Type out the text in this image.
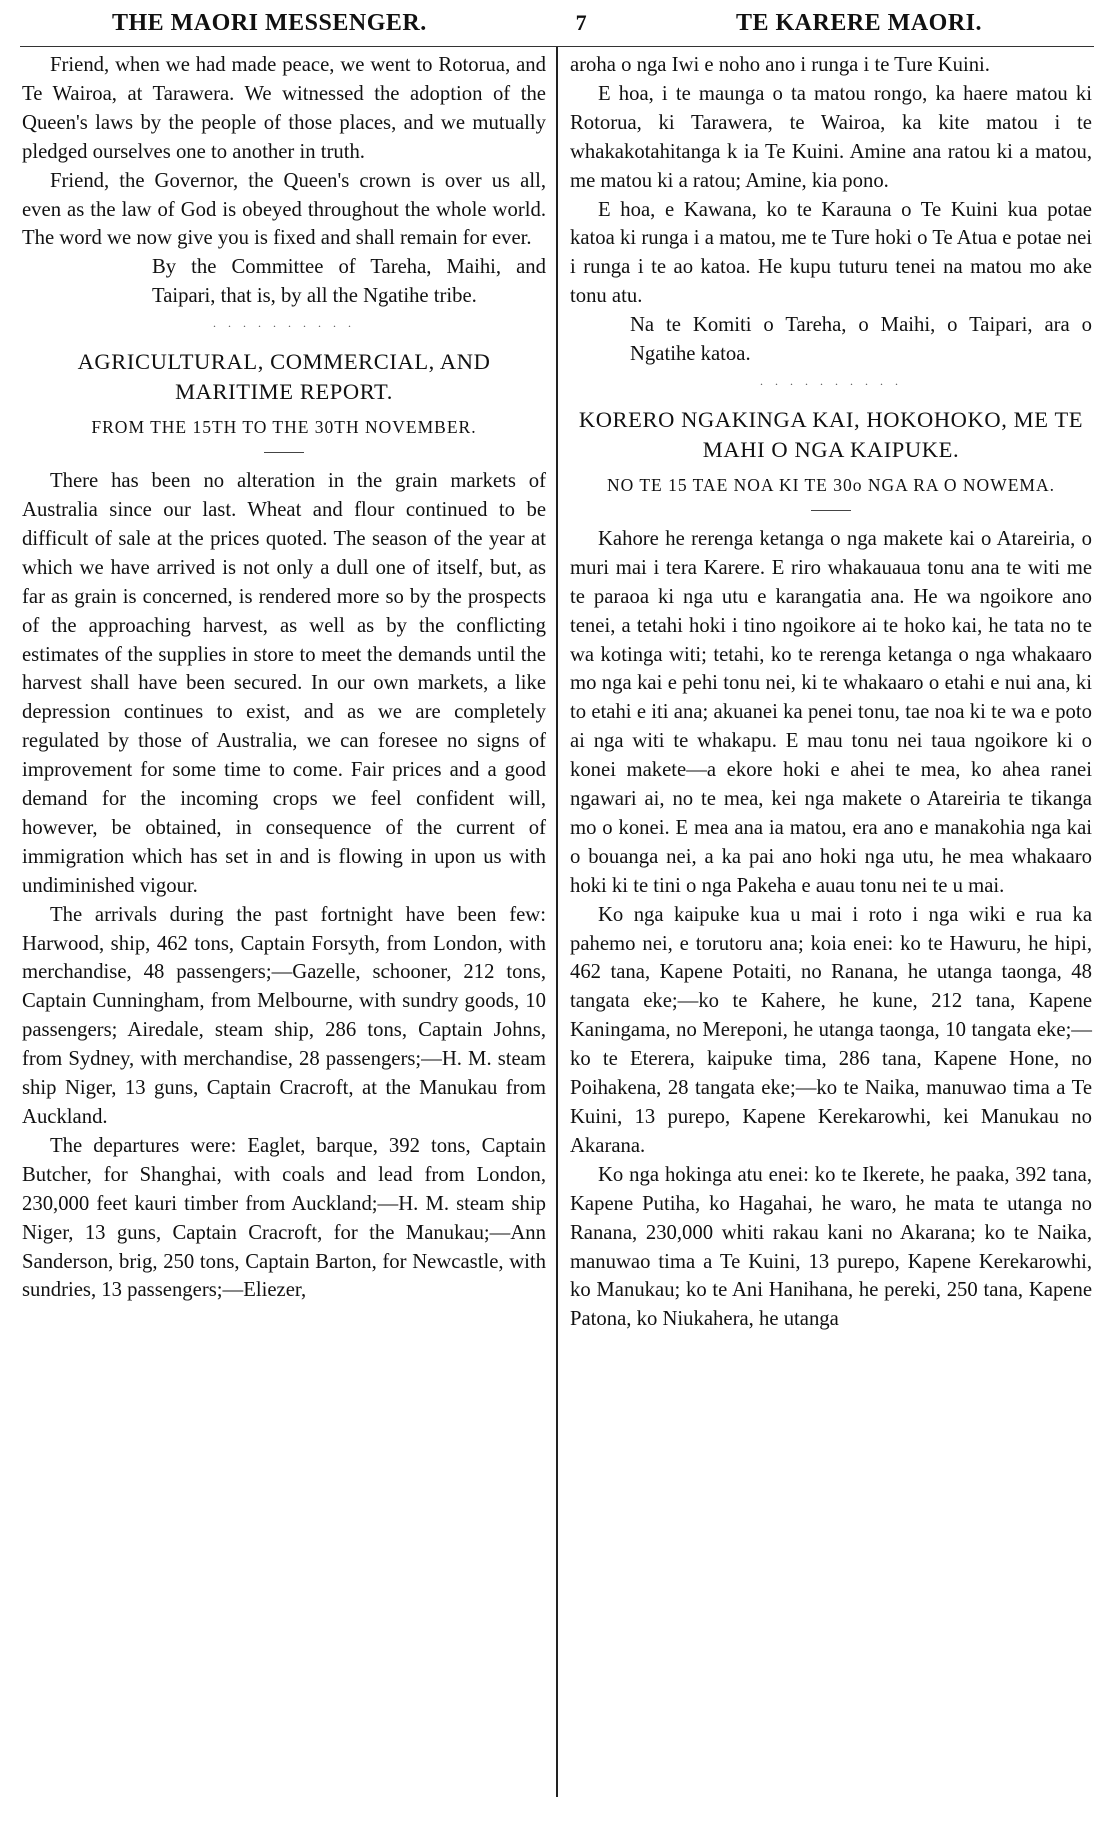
THE MAORI MESSENGER.	7	TE KARERE MAORI.

Friend, when we had made peace, we went to Rotorua, and Te Wairoa, at Tarawera. We witnessed the adoption of the Queen's laws by the people of those places, and we mutually pledged ourselves one to another in truth.

Friend, the Governor, the Queen's crown is over us all, even as the law of God is obeyed throughout the whole world. The word we now give you is fixed and shall remain for ever.

By the Committee of Tareha, Maihi, and Taipari, that is, by all the Ngatihe tribe.

· · · · · · · · · ·
AGRICULTURAL, COMMERCIAL, AND MARITIME REPORT.
FROM THE 15TH TO THE 30TH NOVEMBER.

There has been no alteration in the grain markets of Australia since our last. Wheat and flour continued to be difficult of sale at the prices quoted. The season of the year at which we have arrived is not only a dull one of itself, but, as far as grain is concerned, is rendered more so by the prospects of the approaching harvest, as well as by the conflicting estimates of the supplies in store to meet the demands until the harvest shall have been secured. In our own markets, a like depression continues to exist, and as we are completely regulated by those of Australia, we can foresee no signs of improvement for some time to come. Fair prices and a good demand for the incoming crops we feel confident will, however, be obtained, in consequence of the current of immigration which has set in and is flowing in upon us with undiminished vigour.

The arrivals during the past fortnight have been few: Harwood, ship, 462 tons, Captain Forsyth, from London, with merchandise, 48 passengers;—Gazelle, schooner, 212 tons, Captain Cunningham, from Melbourne, with sundry goods, 10 passengers; Airedale, steam ship, 286 tons, Captain Johns, from Sydney, with merchandise, 28 passengers;—H. M. steam ship Niger, 13 guns, Captain Cracroft, at the Manukau from Auckland.

The departures were: Eaglet, barque, 392 tons, Captain Butcher, for Shanghai, with coals and lead from London, 230,000 feet kauri timber from Auckland;—H. M. steam ship Niger, 13 guns, Captain Cracroft, for the Manukau;—Ann Sanderson, brig, 250 tons, Captain Barton, for Newcastle, with sundries, 13 passengers;—Eliezer,

aroha o nga Iwi e noho ano i runga i te Ture Kuini.

E hoa, i te maunga o ta matou rongo, ka haere matou ki Rotorua, ki Tarawera, te Wairoa, ka kite matou i te whakakotahitanga k ia Te Kuini. Amine ana ratou ki a matou, me matou ki a ratou; Amine, kia pono.

E hoa, e Kawana, ko te Karauna o Te Kuini kua potae katoa ki runga i a matou, me te Ture hoki o Te Atua e potae nei i runga i te ao katoa. He kupu tuturu tenei na matou mo ake tonu atu.

Na te Komiti o Tareha, o Maihi, o Taipari, ara o Ngatihe katoa.

· · · · · · · · · ·
KORERO NGAKINGA KAI, HOKOHOKO, ME TE MAHI O NGA KAIPUKE.
NO TE 15 TAE NOA KI TE 30o NGA RA O NOWEMA.

Kahore he rerenga ketanga o nga makete kai o Atareiria, o muri mai i tera Karere. E riro whakauaua tonu ana te witi me te paraoa ki nga utu e karangatia ana. He wa ngoikore ano tenei, a tetahi hoki i tino ngoikore ai te hoko kai, he tata no te wa kotinga witi; tetahi, ko te rerenga ketanga o nga whakaaro mo nga kai e pehi tonu nei, ki te whakaaro o etahi e nui ana, ki to etahi e iti ana; akuanei ka penei tonu, tae noa ki te wa e poto ai nga witi te whakapu. E mau tonu nei taua ngoikore ki o konei makete—a ekore hoki e ahei te mea, ko ahea ranei ngawari ai, no te mea, kei nga makete o Atareiria te tikanga mo o konei. E mea ana ia matou, era ano e manakohia nga kai o bouanga nei, a ka pai ano hoki nga utu, he mea whakaaro hoki ki te tini o nga Pakeha e auau tonu nei te u mai.

Ko nga kaipuke kua u mai i roto i nga wiki e rua ka pahemo nei, e torutoru ana; koia enei: ko te Hawuru, he hipi, 462 tana, Kapene Potaiti, no Ranana, he utanga taonga, 48 tangata eke;—ko te Kahere, he kune, 212 tana, Kapene Kaningama, no Mereponi, he utanga taonga, 10 tangata eke;—ko te Eterera, kaipuke tima, 286 tana, Kapene Hone, no Poihakena, 28 tangata eke;—ko te Naika, manuwao tima a Te Kuini, 13 purepo, Kapene Kerekarowhi, kei Manukau no Akarana.

Ko nga hokinga atu enei: ko te Ikerete, he paaka, 392 tana, Kapene Putiha, ko Hagahai, he waro, he mata te utanga no Ranana, 230,000 whiti rakau kani no Akarana; ko te Naika, manuwao tima a Te Kuini, 13 purepo, Kapene Kerekarowhi, ko Manukau; ko te Ani Hanihana, he pereki, 250 tana, Kapene Patona, ko Niukahera, he utanga
